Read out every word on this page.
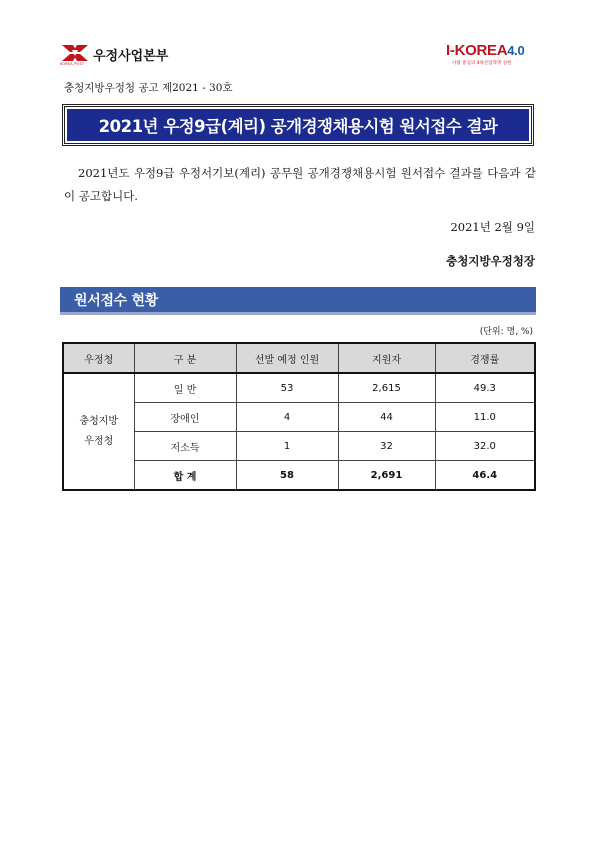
우정사업본부
KOREA POST
I-KOREA4.0
사람 중심의 4차산업혁명 실현
충청지방우정청 공고 제2021 - 30호
2021년 우정9급(계리) 공개경쟁채용시험 원서접수 결과
2021년도 우정9급 우정서기보(계리) 공무원 공개경쟁채용시험 원서접수 결과를 다음과 같이 공고합니다.
2021년 2월 9일
충청지방우정청장
원서접수 현황
(단위: 명, %)
우정청	구 분	선발 예정 인원	지원자	경쟁률
충청지방
우정청	일 반	53	2,615	49.3
	장애인	4	44	11.0
	저소득	1	32	32.0
	합 계	58	2,691	46.4
